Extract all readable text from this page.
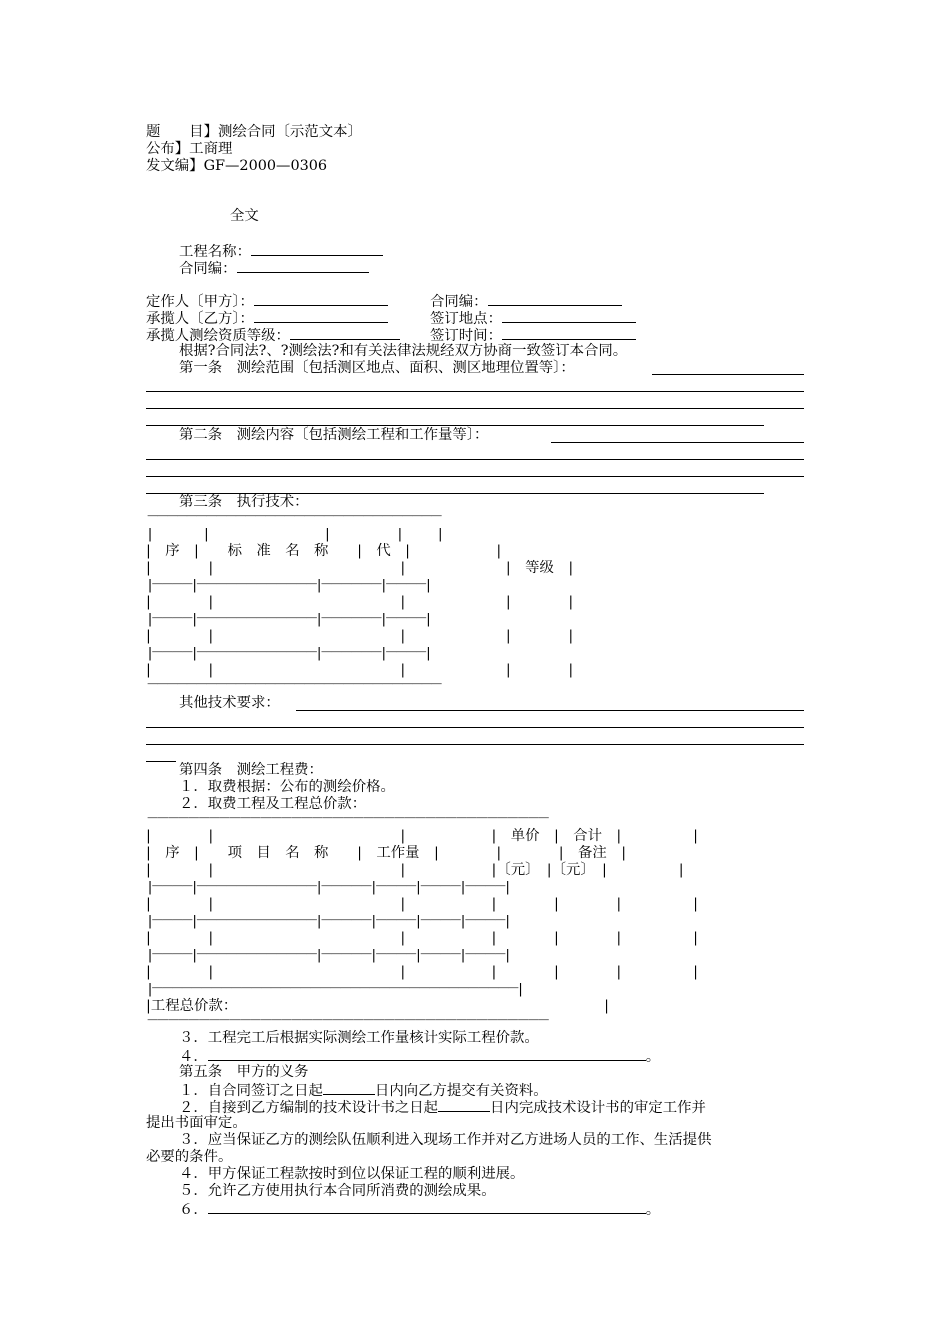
题　　目】测绘合同〔示范文本〕
公布】工商理
发文编】GF—2000—0306
全文
工程名称：
合同编：
定作人〔甲方〕：	合同编：
承揽人〔乙方〕：	签订地点：
承揽人测绘资质等级：	签订时间：
根据?合同法?、?测绘法?和有关法律法规经双方协商一致签订本合同。
第一条　测绘范围〔包括测区地点、面积、测区地理位置等〕：
第二条　测绘内容〔包括测绘工程和工作量等〕：
第三条　执行技术：
－－－－－－－－－－－－－－－－－－－－－－－－－－－－－－
|      |              |        |    |
|　序　|　　标　准　名　称　　|　代　|　　　　　　|
|　　　　|　　　　　　　　　　　　　|　　　　　　　|　等级　|
|－－－－|－－－－－－－－－－－－|－－－－－－|－－－－|
|　　　　|　　　　　　　　　　　　　|　　　　　　　|　　　　|
|－－－－|－－－－－－－－－－－－|－－－－－－|－－－－|
|　　　　|　　　　　　　　　　　　　|　　　　　　　|　　　　|
|－－－－|－－－－－－－－－－－－|－－－－－－|－－－－|
|　　　　|　　　　　　　　　　　　　|　　　　　　　|　　　　|
－－－－－－－－－－－－－－－－－－－－－－－－－－－－－－
其他技术要求：
第四条　测绘工程费：
１．取费根据：公布的测绘价格。
２．取费工程及工程总价款：
－－－－－－－－－－－－－－－－－－－－－－－－－－－－－－－－－－－－－－－
|　　　　|　　　　　　　　　　　　　|　　　　　　|　单价　|　合计　|　　　　　|
|　序　|　　项　目　名　称　　|　工作量　|　　　　|　　　　|　备注　|
|　　　　|　　　　　　　　　　　　　|　　　　　　|〔元〕　|〔元〕　|　　　　　|
|－－－－|－－－－－－－－－－－－|－－－－－|－－－－|－－－－|－－－－|
|　　　　|　　　　　　　　　　　　　|　　　　　　|　　　　|　　　　|　　　　　|
|－－－－|－－－－－－－－－－－－|－－－－－|－－－－|－－－－|－－－－|
|　　　　|　　　　　　　　　　　　　|　　　　　　|　　　　|　　　　|　　　　　|
|－－－－|－－－－－－－－－－－－|－－－－－|－－－－|－－－－|－－－－|
|　　　　|　　　　　　　　　　　　　|　　　　　　|　　　　|　　　　|　　　　　|
|－－－－－－－－－－－－－－－－－－－－－－－－－－－－－－－－－－－－－|
|工程总价款：　　　　　　　　　　　　　　　　　　　　　　　　　　|
－－－－－－－－－－－－－－－－－－－－－－－－－－－－－－－－－－－－－－－
３．工程完工后根据实际测绘工作量核计实际工程价款。
４．	。
第五条　甲方的义务
１．自合同签订之日起	日内向乙方提交有关资料。
２．自接到乙方编制的技术设计书之日起	日内完成技术设计书的审定工作并
提出书面审定。
３．应当保证乙方的测绘队伍顺利进入现场工作并对乙方进场人员的工作、生活提供
必要的条件。
４．甲方保证工程款按时到位以保证工程的顺利进展。
５．允许乙方使用执行本合同所消费的测绘成果。
６．	。
